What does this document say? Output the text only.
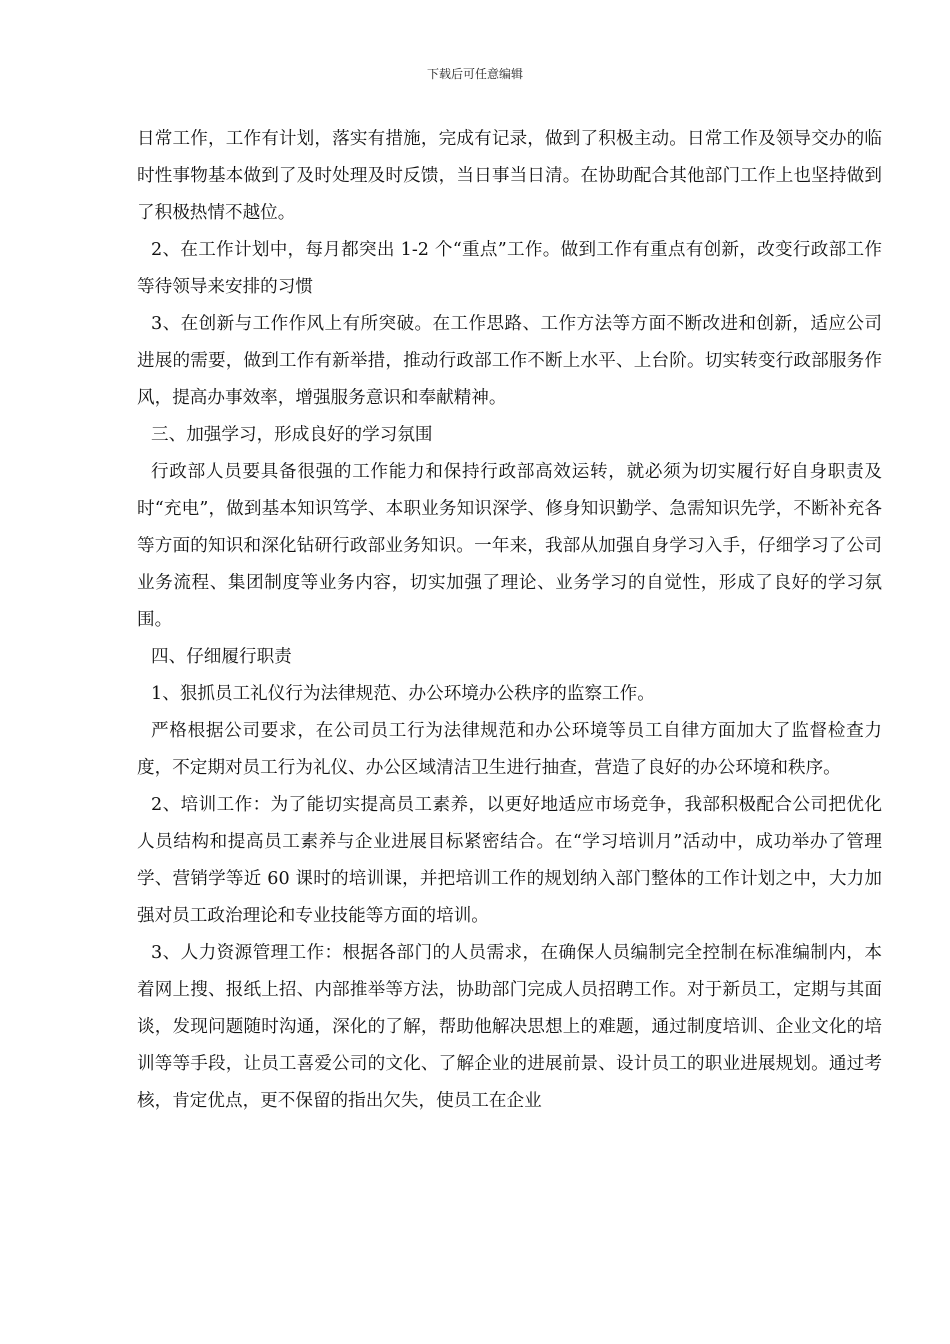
下载后可任意编辑

日常工作，工作有计划，落实有措施，完成有记录，做到了积极主动。日常工作及领导交办的临时性事物基本做到了及时处理及时反馈，当日事当日清。在协助配合其他部门工作上也坚持做到了积极热情不越位。

2、在工作计划中，每月都突出 1-2 个“重点”工作。做到工作有重点有创新，改变行政部工作等待领导来安排的习惯

3、在创新与工作作风上有所突破。在工作思路、工作方法等方面不断改进和创新，适应公司进展的需要，做到工作有新举措，推动行政部工作不断上水平、上台阶。切实转变行政部服务作风，提高办事效率，增强服务意识和奉献精神。

三、加强学习，形成良好的学习氛围

行政部人员要具备很强的工作能力和保持行政部高效运转，就必须为切实履行好自身职责及时“充电”，做到基本知识笃学、本职业务知识深学、修身知识勤学、急需知识先学，不断补充各等方面的知识和深化钻研行政部业务知识。一年来，我部从加强自身学习入手，仔细学习了公司业务流程、集团制度等业务内容，切实加强了理论、业务学习的自觉性，形成了良好的学习氛围。

四、仔细履行职责

1、狠抓员工礼仪行为法律规范、办公环境办公秩序的监察工作。

严格根据公司要求，在公司员工行为法律规范和办公环境等员工自律方面加大了监督检查力度，不定期对员工行为礼仪、办公区域清洁卫生进行抽查，营造了良好的办公环境和秩序。

2、培训工作：为了能切实提高员工素养，以更好地适应市场竞争，我部积极配合公司把优化人员结构和提高员工素养与企业进展目标紧密结合。在“学习培训月”活动中，成功举办了管理学、营销学等近 60 课时的培训课，并把培训工作的规划纳入部门整体的工作计划之中，大力加强对员工政治理论和专业技能等方面的培训。

3、人力资源管理工作：根据各部门的人员需求，在确保人员编制完全控制在标准编制内，本着网上搜、报纸上招、内部推举等方法，协助部门完成人员招聘工作。对于新员工，定期与其面谈，发现问题随时沟通，深化的了解，帮助他解决思想上的难题，通过制度培训、企业文化的培训等等手段，让员工喜爱公司的文化、了解企业的进展前景、设计员工的职业进展规划。通过考核，肯定优点，更不保留的指出欠失，使员工在企业
